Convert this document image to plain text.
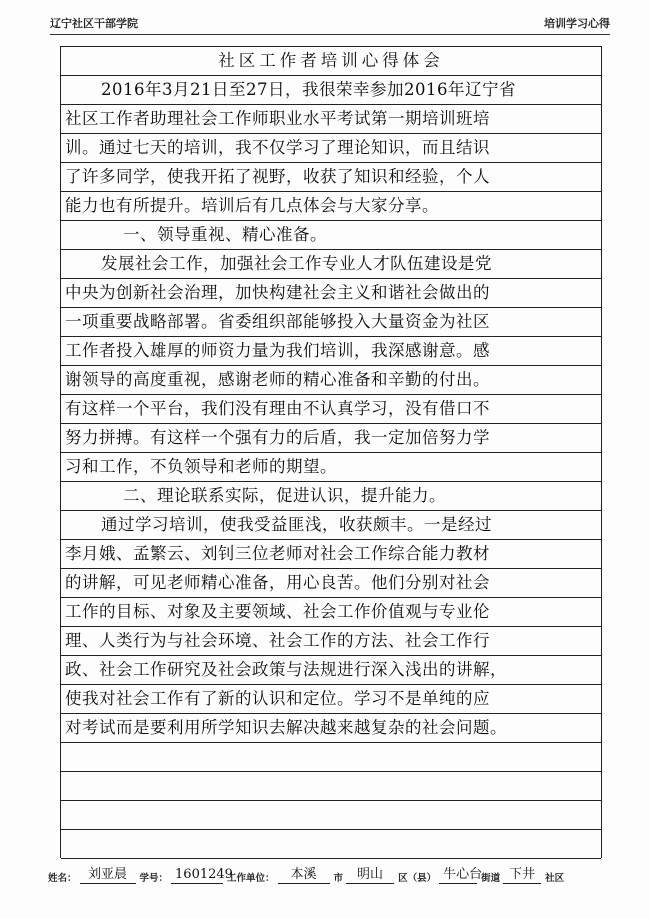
辽宁社区干部学院	培训学习心得
社区工作者培训心得体会
2016年3月21日至27日，我很荣幸参加2016年辽宁省
社区工作者助理社会工作师职业水平考试第一期培训班培
训。通过七天的培训，我不仅学习了理论知识，而且结识
了许多同学，使我开拓了视野，收获了知识和经验，个人
能力也有所提升。培训后有几点体会与大家分享。
一、领导重视、精心准备。
发展社会工作，加强社会工作专业人才队伍建设是党
中央为创新社会治理，加快构建社会主义和谐社会做出的
一项重要战略部署。省委组织部能够投入大量资金为社区
工作者投入雄厚的师资力量为我们培训，我深感谢意。感
谢领导的高度重视，感谢老师的精心准备和辛勤的付出。
有这样一个平台，我们没有理由不认真学习，没有借口不
努力拼搏。有这样一个强有力的后盾，我一定加倍努力学
习和工作，不负领导和老师的期望。
二、理论联系实际，促进认识，提升能力。
通过学习培训，使我受益匪浅，收获颇丰。一是经过
李月娥、孟繁云、刘钊三位老师对社会工作综合能力教材
的讲解，可见老师精心准备，用心良苦。他们分别对社会
工作的目标、对象及主要领域、社会工作价值观与专业伦
理、人类行为与社会环境、社会工作的方法、社会工作行
政、社会工作研究及社会政策与法规进行深入浅出的讲解，
使我对社会工作有了新的认识和定位。学习不是单纯的应
对考试而是要利用所学知识去解决越来越复杂的社会问题。
姓名： 刘亚晨	学号： 1601249
工作单位：	本溪	市	明山	区（县） 牛心台
街道 下井	社区
